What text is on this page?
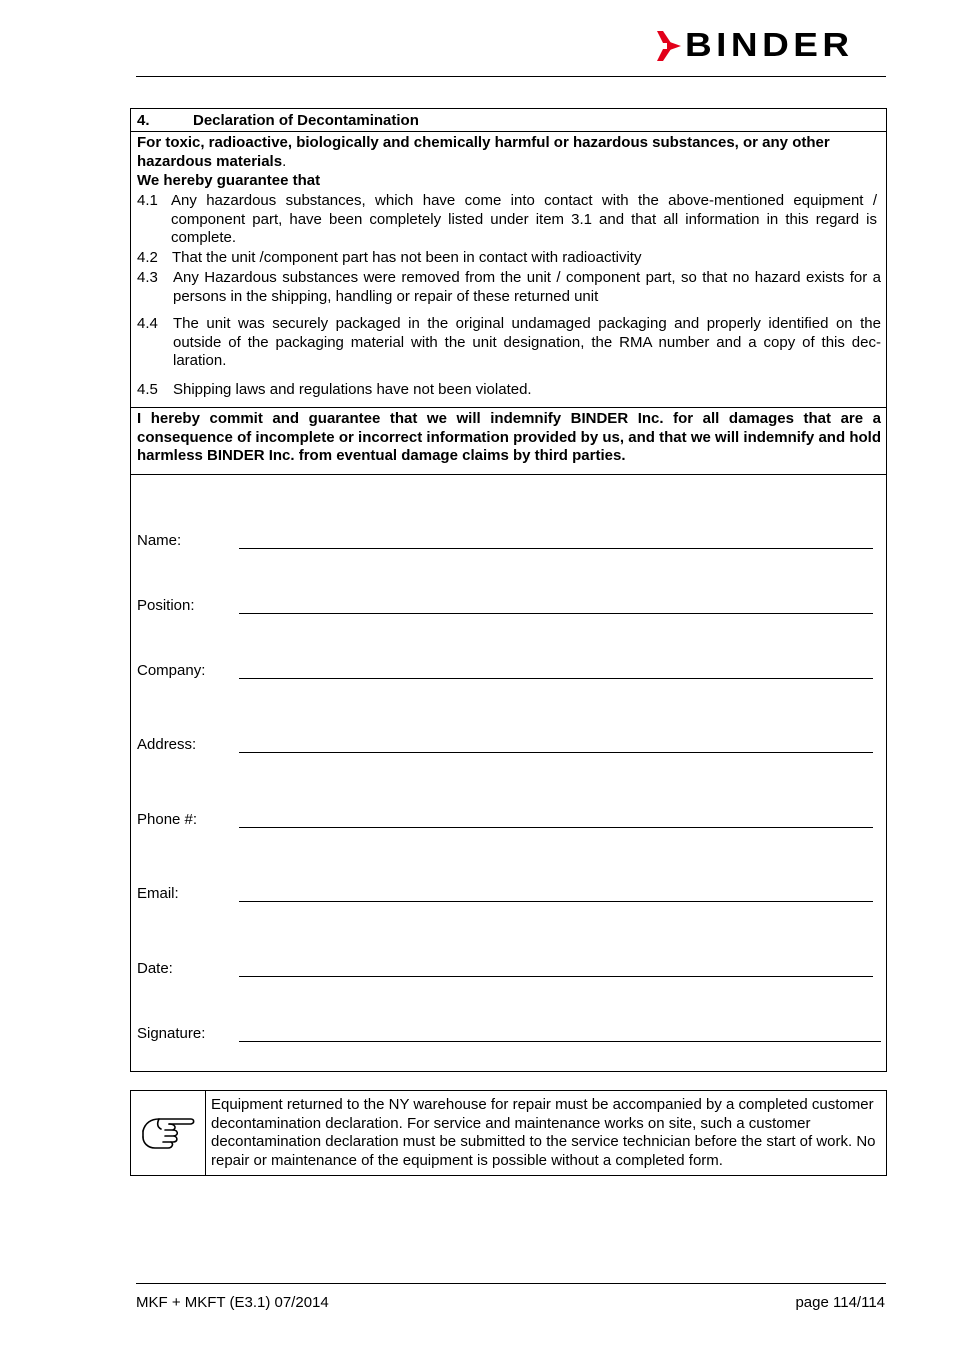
BINDER
4.	Declaration of Decontamination
For toxic, radioactive, biologically and chemically harmful or hazardous substances, or any other hazardous materials.
We hereby guarantee that
4.1 Any hazardous substances, which have come into contact with the above-mentioned equipment / component part, have been completely listed under item 3.1 and that all information in this regard is complete.
4.2 That the unit /component part has not been in contact with radioactivity
4.3 Any Hazardous substances were removed from the unit / component part, so that no hazard exists for a persons in the shipping, handling or repair of these returned unit
4.4 The unit was securely packaged in the original undamaged packaging and properly identified on the outside of the packaging material with the unit designation, the RMA number and a copy of this dec-laration.
4.5 Shipping laws and regulations have not been violated.
I hereby commit and guarantee that we will indemnify BINDER Inc. for all damages that are a consequence of incomplete or incorrect information provided by us, and that we will indemnify and hold harmless BINDER Inc. from eventual damage claims by third parties.
Name:
Position:
Company:
Address:
Phone #:
Email:
Date:
Signature:
Equipment returned to the NY warehouse for repair must be accompanied by a completed customer decontamination declaration. For service and maintenance works on site, such a customer decontamination declaration must be submitted to the service technician before the start of work. No repair or maintenance of the equipment is possible without a completed form.
MKF + MKFT (E3.1) 07/2014	page 114/114
